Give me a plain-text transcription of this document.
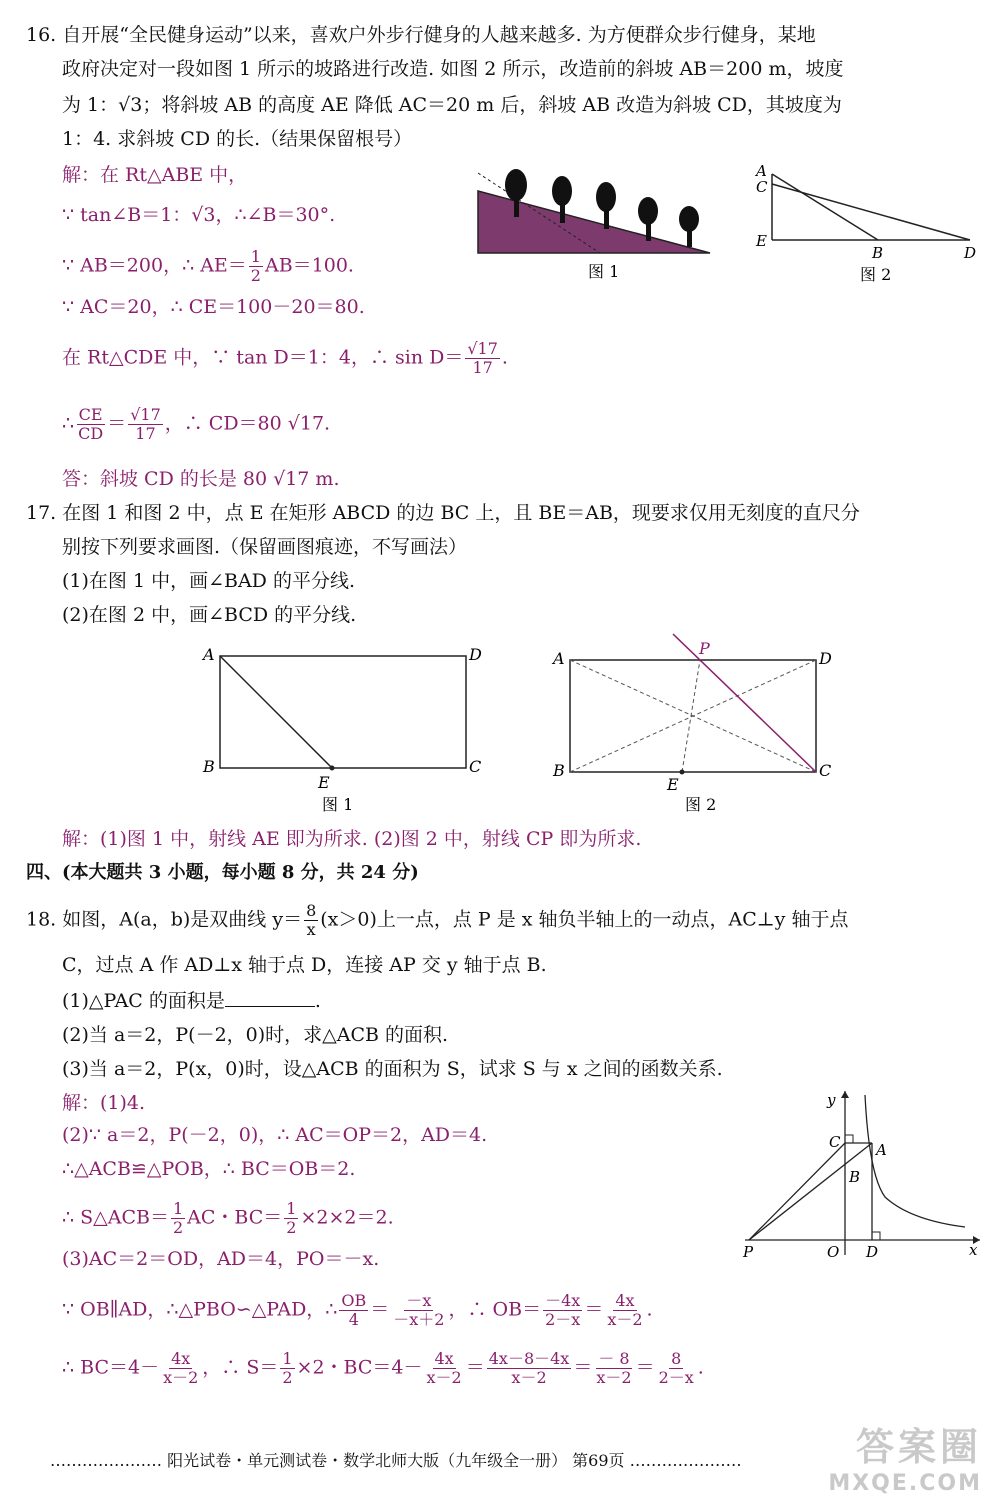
16. 自开展“全民健身运动”以来，喜欢户外步行健身的人越来越多. 为方便群众步行健身，某地
政府决定对一段如图 1 所示的坡路进行改造. 如图 2 所示，改造前的斜坡 AB＝200 m，坡度
为 1：√3；将斜坡 AB 的高度 AE 降低 AC＝20 m 后，斜坡 AB 改造为斜坡 CD，其坡度为
1：4. 求斜坡 CD 的长.（结果保留根号）
解：在 Rt△ABE 中，
∵ tan∠B＝1：√3，∴∠B＝30°.
∵ AB＝200，∴ $AE= \frac{1}{2} AB=100$.
∵ AC＝20，∴ CE＝100－20＝80.
在 Rt△CDE 中，∵ tan D＝1：4，∴ $\sin D= \frac{√17}{17}$ .
∴ $\frac{CE}{CD} = \frac{√17}{17}$ ，∴ CD＝80 √17.
答：斜坡 CD 的长是 80 √17 m.
图 1
A
C
E
B	D
图 2
17. 在图 1 和图 2 中，点 E 在矩形 ABCD 的边 BC 上，且 BE＝AB，现要求仅用无刻度的直尺分
别按下列要求画图.（保留画图痕迹，不写画法）
(1)在图 1 中，画∠BAD 的平分线.
(2)在图 2 中，画∠BCD 的平分线.
A	D
B	C
E
图 1
A	D
B	C
E
P
图 2
解：(1)图 1 中，射线 AE 即为所求. (2)图 2 中，射线 CP 即为所求.
四、(本大题共 3 小题，每小题 8 分，共 24 分)
18. 如图，A(a，b)是双曲线 $y= \frac{8}{x} (x>0)$上一点，点 P 是 x 轴负半轴上的一动点，AC⊥y 轴于点
C，过点 A 作 AD⊥x 轴于点 D，连接 AP 交 y 轴于点 B.
(1)△PAC 的面积是	.
(2)当 a＝2，P(－2，0)时，求△ACB 的面积.
(3)当 a＝2，P(x，0)时，设△ACB 的面积为 S，试求 S 与 x 之间的函数关系.
解：(1)4.
(2)∵ a＝2，P(－2，0)，∴ AC＝OP＝2，AD＝4.
∴△ACB≌△POB，∴ BC＝OB＝2.
∴ S△ACB＝ $\frac{1}{2}$ AC・$BC= \frac{1}{2} \times 2\times 2=2$.
(3)AC＝2＝OD，AD＝4，PO＝－x.
∵ OB∥AD，∴△PBO∽△PAD，∴ $\frac{OB}{4} = \frac{-x}{-x+2}$ ，∴ $OB= \frac{-4x}{2-x} = \frac{4x}{x-2}$ .
∴ $BC=4- \frac{4x}{x-2}$ ，∴ $S= \frac{1}{2} \times 2$・$BC=4- \frac{4x}{x-2} = \frac{4x-8-4x}{x-2} = \frac{- 8}{x-2} = \frac{8}{2-x}$ .
y
x
C A
B
P	O D
………………… 阳光试卷・单元测试卷・数学北师大版（九年级全一册） 第69页 …………………	答案圈
MXQE.COM
